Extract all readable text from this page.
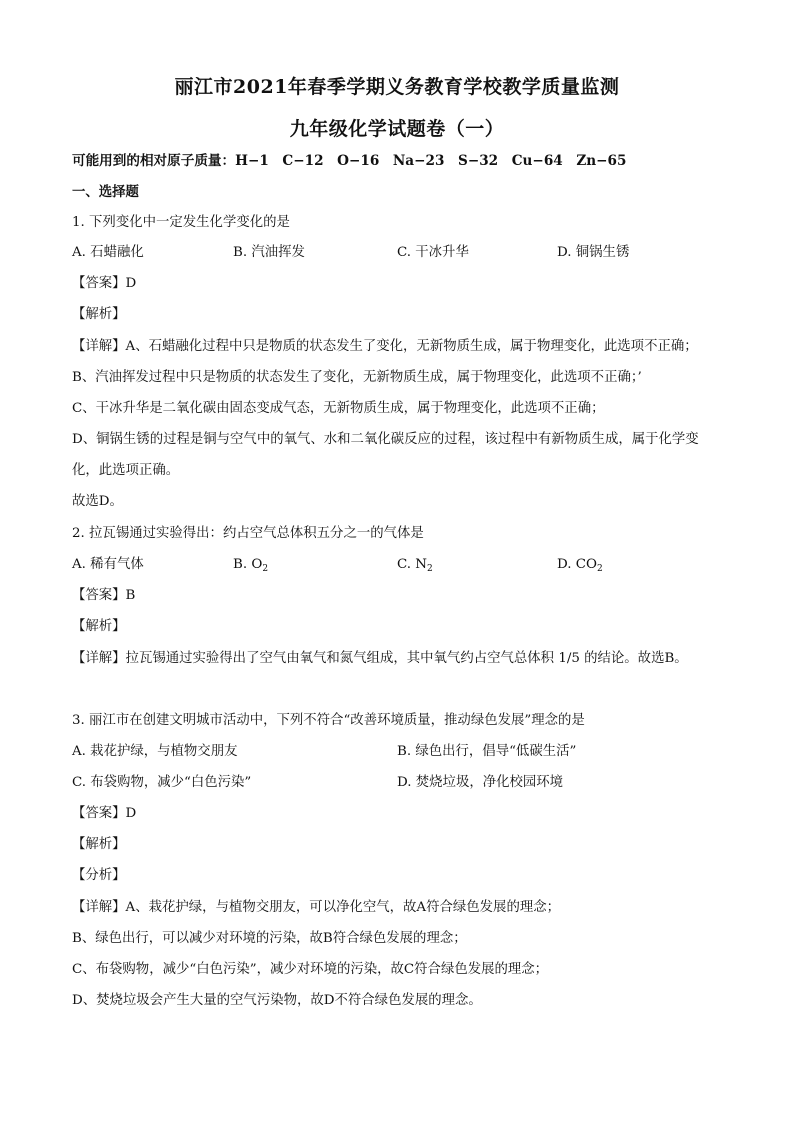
丽江市2021年春季学期义务教育学校教学质量监测
九年级化学试题卷（一）
可能用到的相对原子质量：H−1　C−12　O−16　Na−23　S−32　Cu−64　Zn−65
一、选择题
1. 下列变化中一定发生化学变化的是
A. 石蜡融化	B. 汽油挥发	C. 干冰升华	D. 铜锅生锈
【答案】D
【解析】
【详解】A、石蜡融化过程中只是物质的状态发生了变化，无新物质生成，属于物理变化，此选项不正确；
B、汽油挥发过程中只是物质的状态发生了变化，无新物质生成，属于物理变化，此选项不正确；’
C、干冰升华是二氧化碳由固态变成气态，无新物质生成，属于物理变化，此选项不正确；
D、铜锅生锈的过程是铜与空气中的氧气、水和二氧化碳反应的过程，该过程中有新物质生成，属于化学变
化，此选项正确。
故选D。
2. 拉瓦锡通过实验得出：约占空气总体积五分之一的气体是
A. 稀有气体	B. $O_2$	C. $N_2$	D. $CO_2$
【答案】B
【解析】
【详解】拉瓦锡通过实验得出了空气由氧气和氮气组成，其中氧气约占空气总体积 1/5 的结论。故选B。
3. 丽江市在创建文明城市活动中，下列不符合“改善环境质量，推动绿色发展”理念的是
A. 栽花护绿，与植物交朋友	B. 绿色出行，倡导“低碳生活”
C. 布袋购物，减少“白色污染”	D. 焚烧垃圾，净化校园环境
【答案】D
【解析】
【分析】
【详解】A、栽花护绿，与植物交朋友，可以净化空气，故A符合绿色发展的理念；
B、绿色出行，可以减少对环境的污染，故B符合绿色发展的理念；
C、布袋购物，减少“白色污染”，减少对环境的污染，故C符合绿色发展的理念；
D、焚烧垃圾会产生大量的空气污染物，故D不符合绿色发展的理念。
